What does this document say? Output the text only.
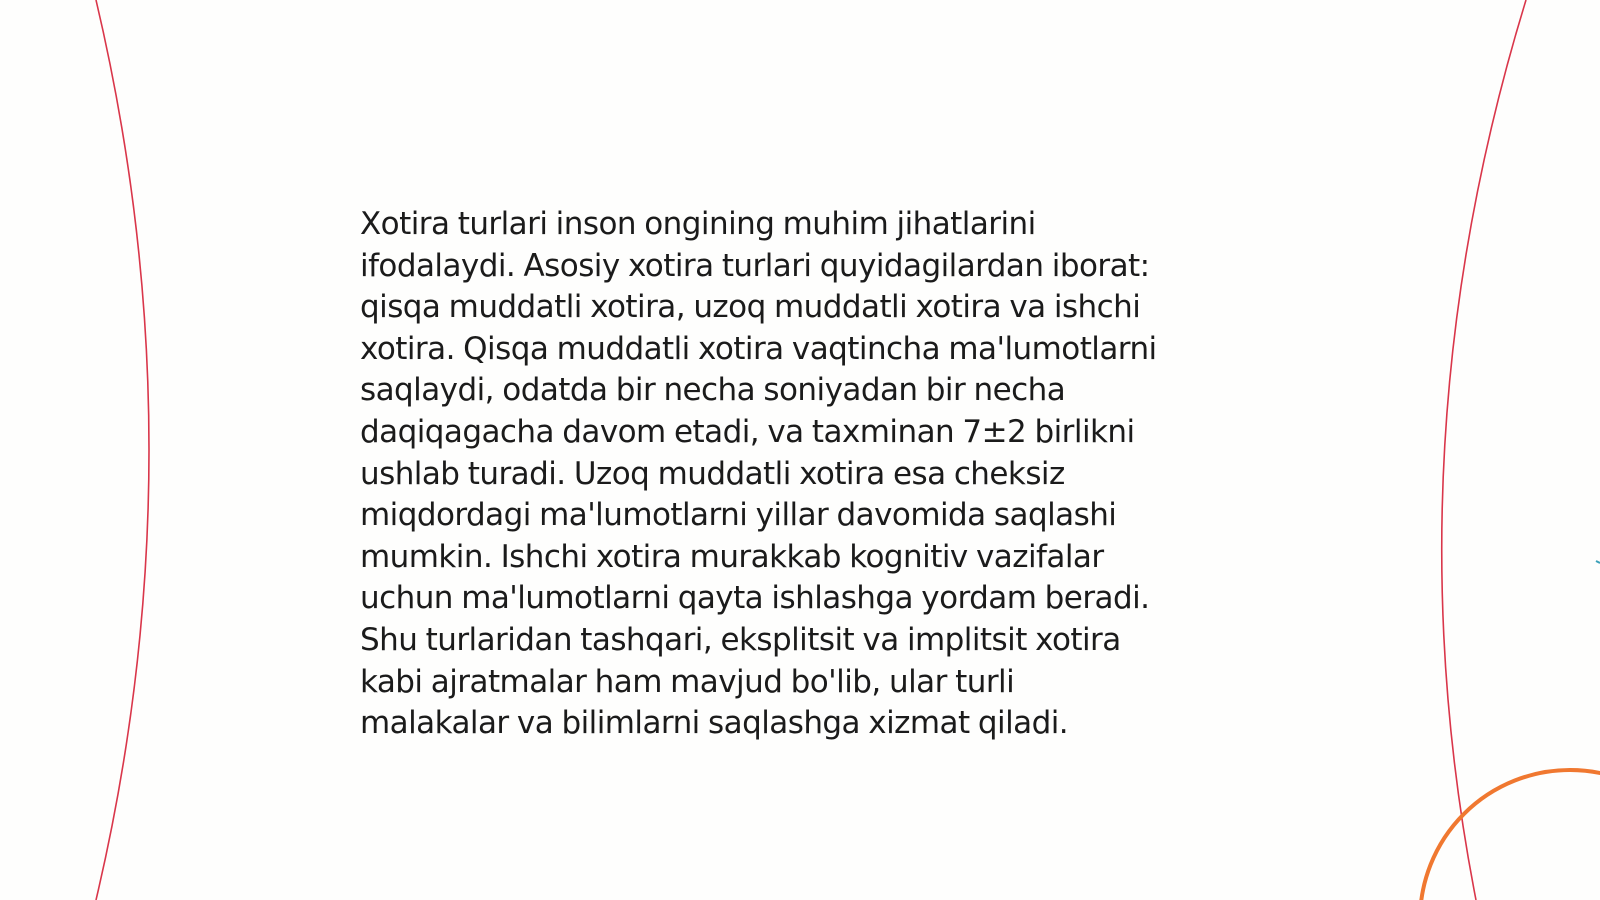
Xotira turlari inson ongining muhim jihatlarini
ifodalaydi. Asosiy xotira turlari quyidagilardan iborat:
qisqa muddatli xotira, uzoq muddatli xotira va ishchi
xotira. Qisqa muddatli xotira vaqtincha ma'lumotlarni
saqlaydi, odatda bir necha soniyadan bir necha
daqiqagacha davom etadi, va taxminan 7±2 birlikni
ushlab turadi. Uzoq muddatli xotira esa cheksiz
miqdordagi ma'lumotlarni yillar davomida saqlashi
mumkin. Ishchi xotira murakkab kognitiv vazifalar
uchun ma'lumotlarni qayta ishlashga yordam beradi.
Shu turlaridan tashqari, eksplitsit va implitsit xotira
kabi ajratmalar ham mavjud bo'lib, ular turli
malakalar va bilimlarni saqlashga xizmat qiladi.
